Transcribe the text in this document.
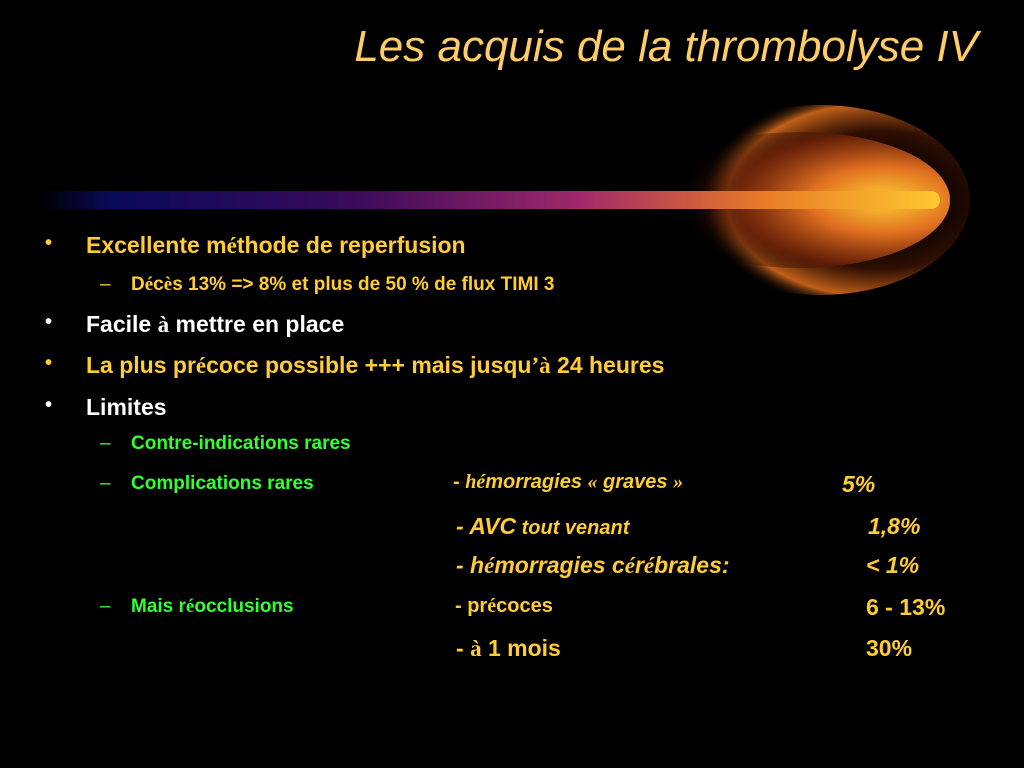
Les acquis de la thrombolyse IV
• Excellente méthode de reperfusion
– Décès 13% => 8% et plus de 50 % de flux TIMI 3
• Facile à mettre en place
• La plus précoce possible +++ mais jusqu’à 24 heures
• Limites
– Contre-indications rares
– Complications rares	- hémorragies « graves »	5%
- AVC tout venant	1,8%
- hémorragies cérébrales:	< 1%
– Mais réocclusions	- précoces	6 - 13%
- à 1 mois	30%
